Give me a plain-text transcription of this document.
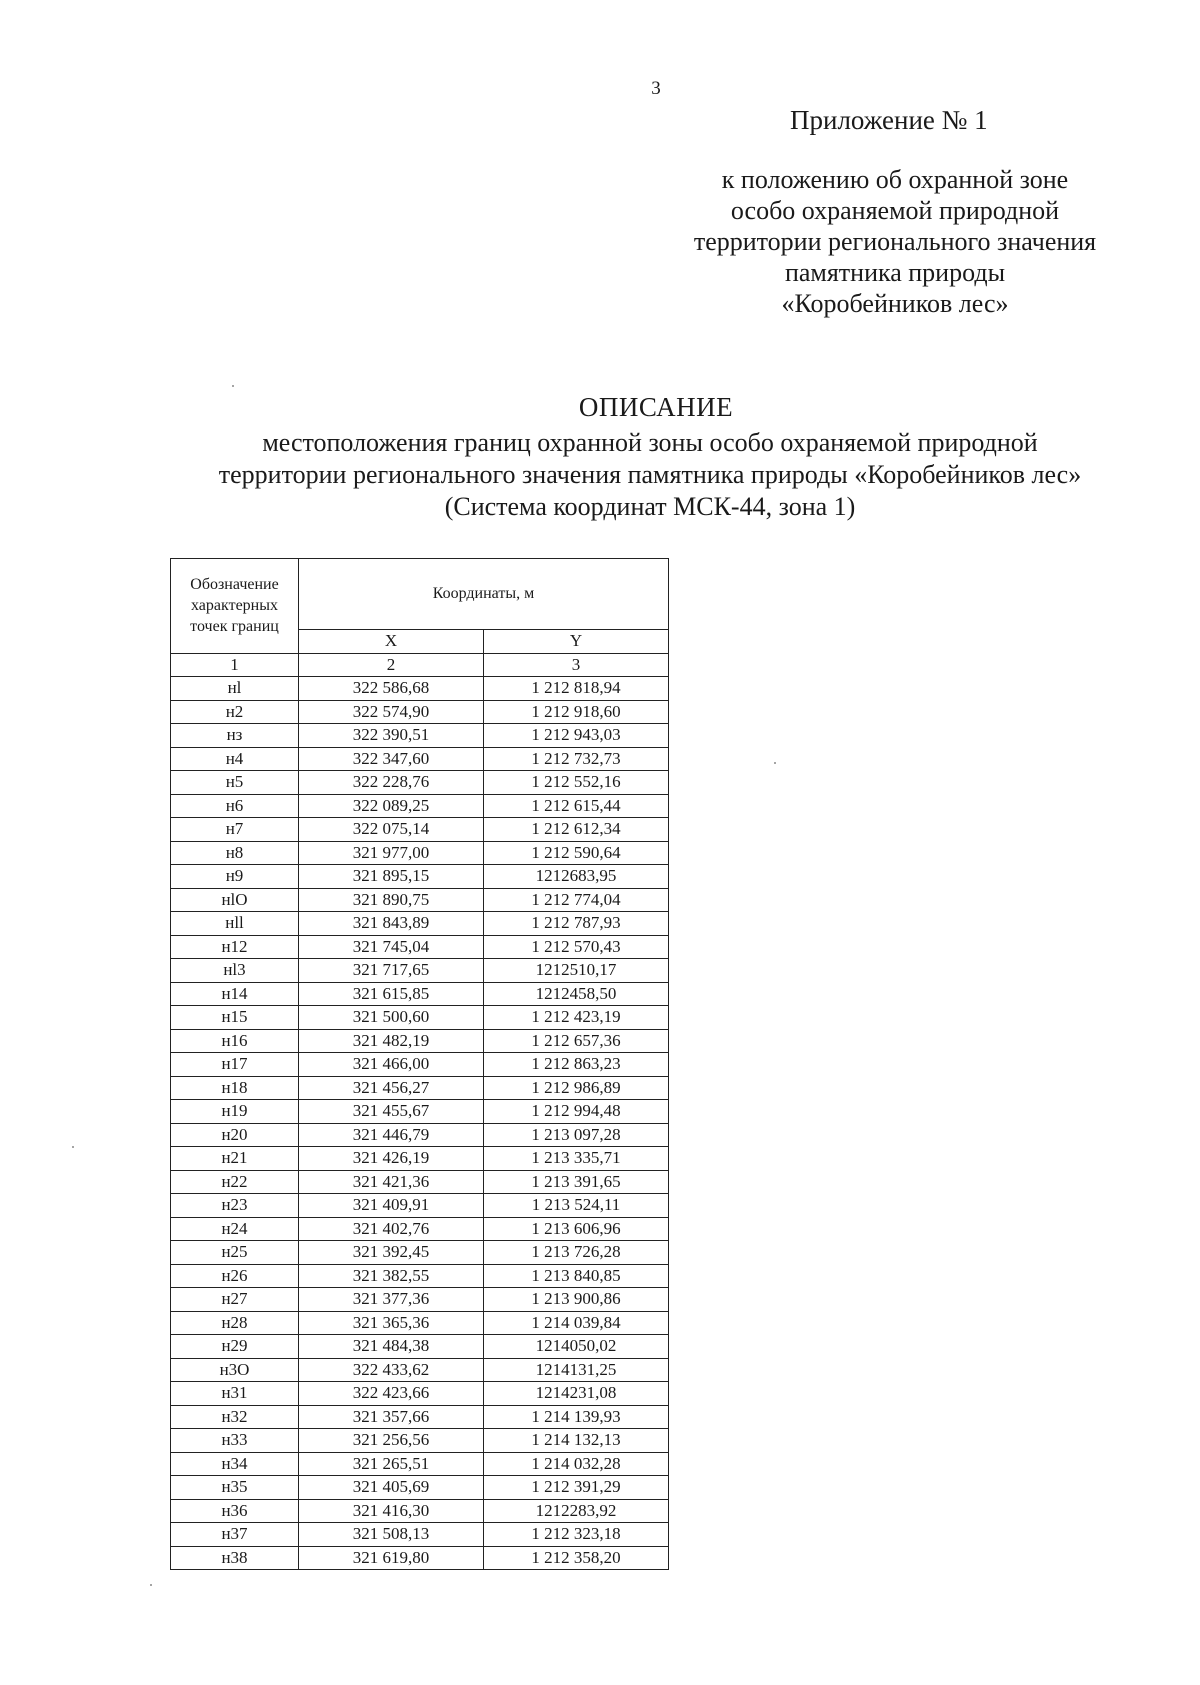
3
Приложение № 1
к положению об охранной зоне
особо охраняемой природной
территории регионального значения
памятника природы
«Коробейников лес»
ОПИСАНИЕ
местоположения границ охранной зоны особо охраняемой природной
территории регионального значения памятника природы «Коробейников лес»
(Система координат МСК-44, зона 1)
Обозначение характерных точек границ	Координаты, м	
	X	Y
1	2	3
нl	322 586,68	1 212 818,94
н2	322 574,90	1 212 918,60
нз	322 390,51	1 212 943,03
н4	322 347,60	1 212 732,73
н5	322 228,76	1 212 552,16
н6	322 089,25	1 212 615,44
н7	322 075,14	1 212 612,34
н8	321 977,00	1 212 590,64
н9	321 895,15	1212683,95
нlO	321 890,75	1 212 774,04
нll	321 843,89	1 212 787,93
н12	321 745,04	1 212 570,43
нl3	321 717,65	1212510,17
н14	321 615,85	1212458,50
н15	321 500,60	1 212 423,19
н16	321 482,19	1 212 657,36
н17	321 466,00	1 212 863,23
н18	321 456,27	1 212 986,89
н19	321 455,67	1 212 994,48
н20	321 446,79	1 213 097,28
н21	321 426,19	1 213 335,71
н22	321 421,36	1 213 391,65
н23	321 409,91	1 213 524,11
н24	321 402,76	1 213 606,96
н25	321 392,45	1 213 726,28
н26	321 382,55	1 213 840,85
н27	321 377,36	1 213 900,86
н28	321 365,36	1 214 039,84
н29	321 484,38	1214050,02
н3О	322 433,62	1214131,25
н31	322 423,66	1214231,08
н32	321 357,66	1 214 139,93
н33	321 256,56	1 214 132,13
н34	321 265,51	1 214 032,28
н35	321 405,69	1 212 391,29
н36	321 416,30	1212283,92
н37	321 508,13	1 212 323,18
н38	321 619,80	1 212 358,20
